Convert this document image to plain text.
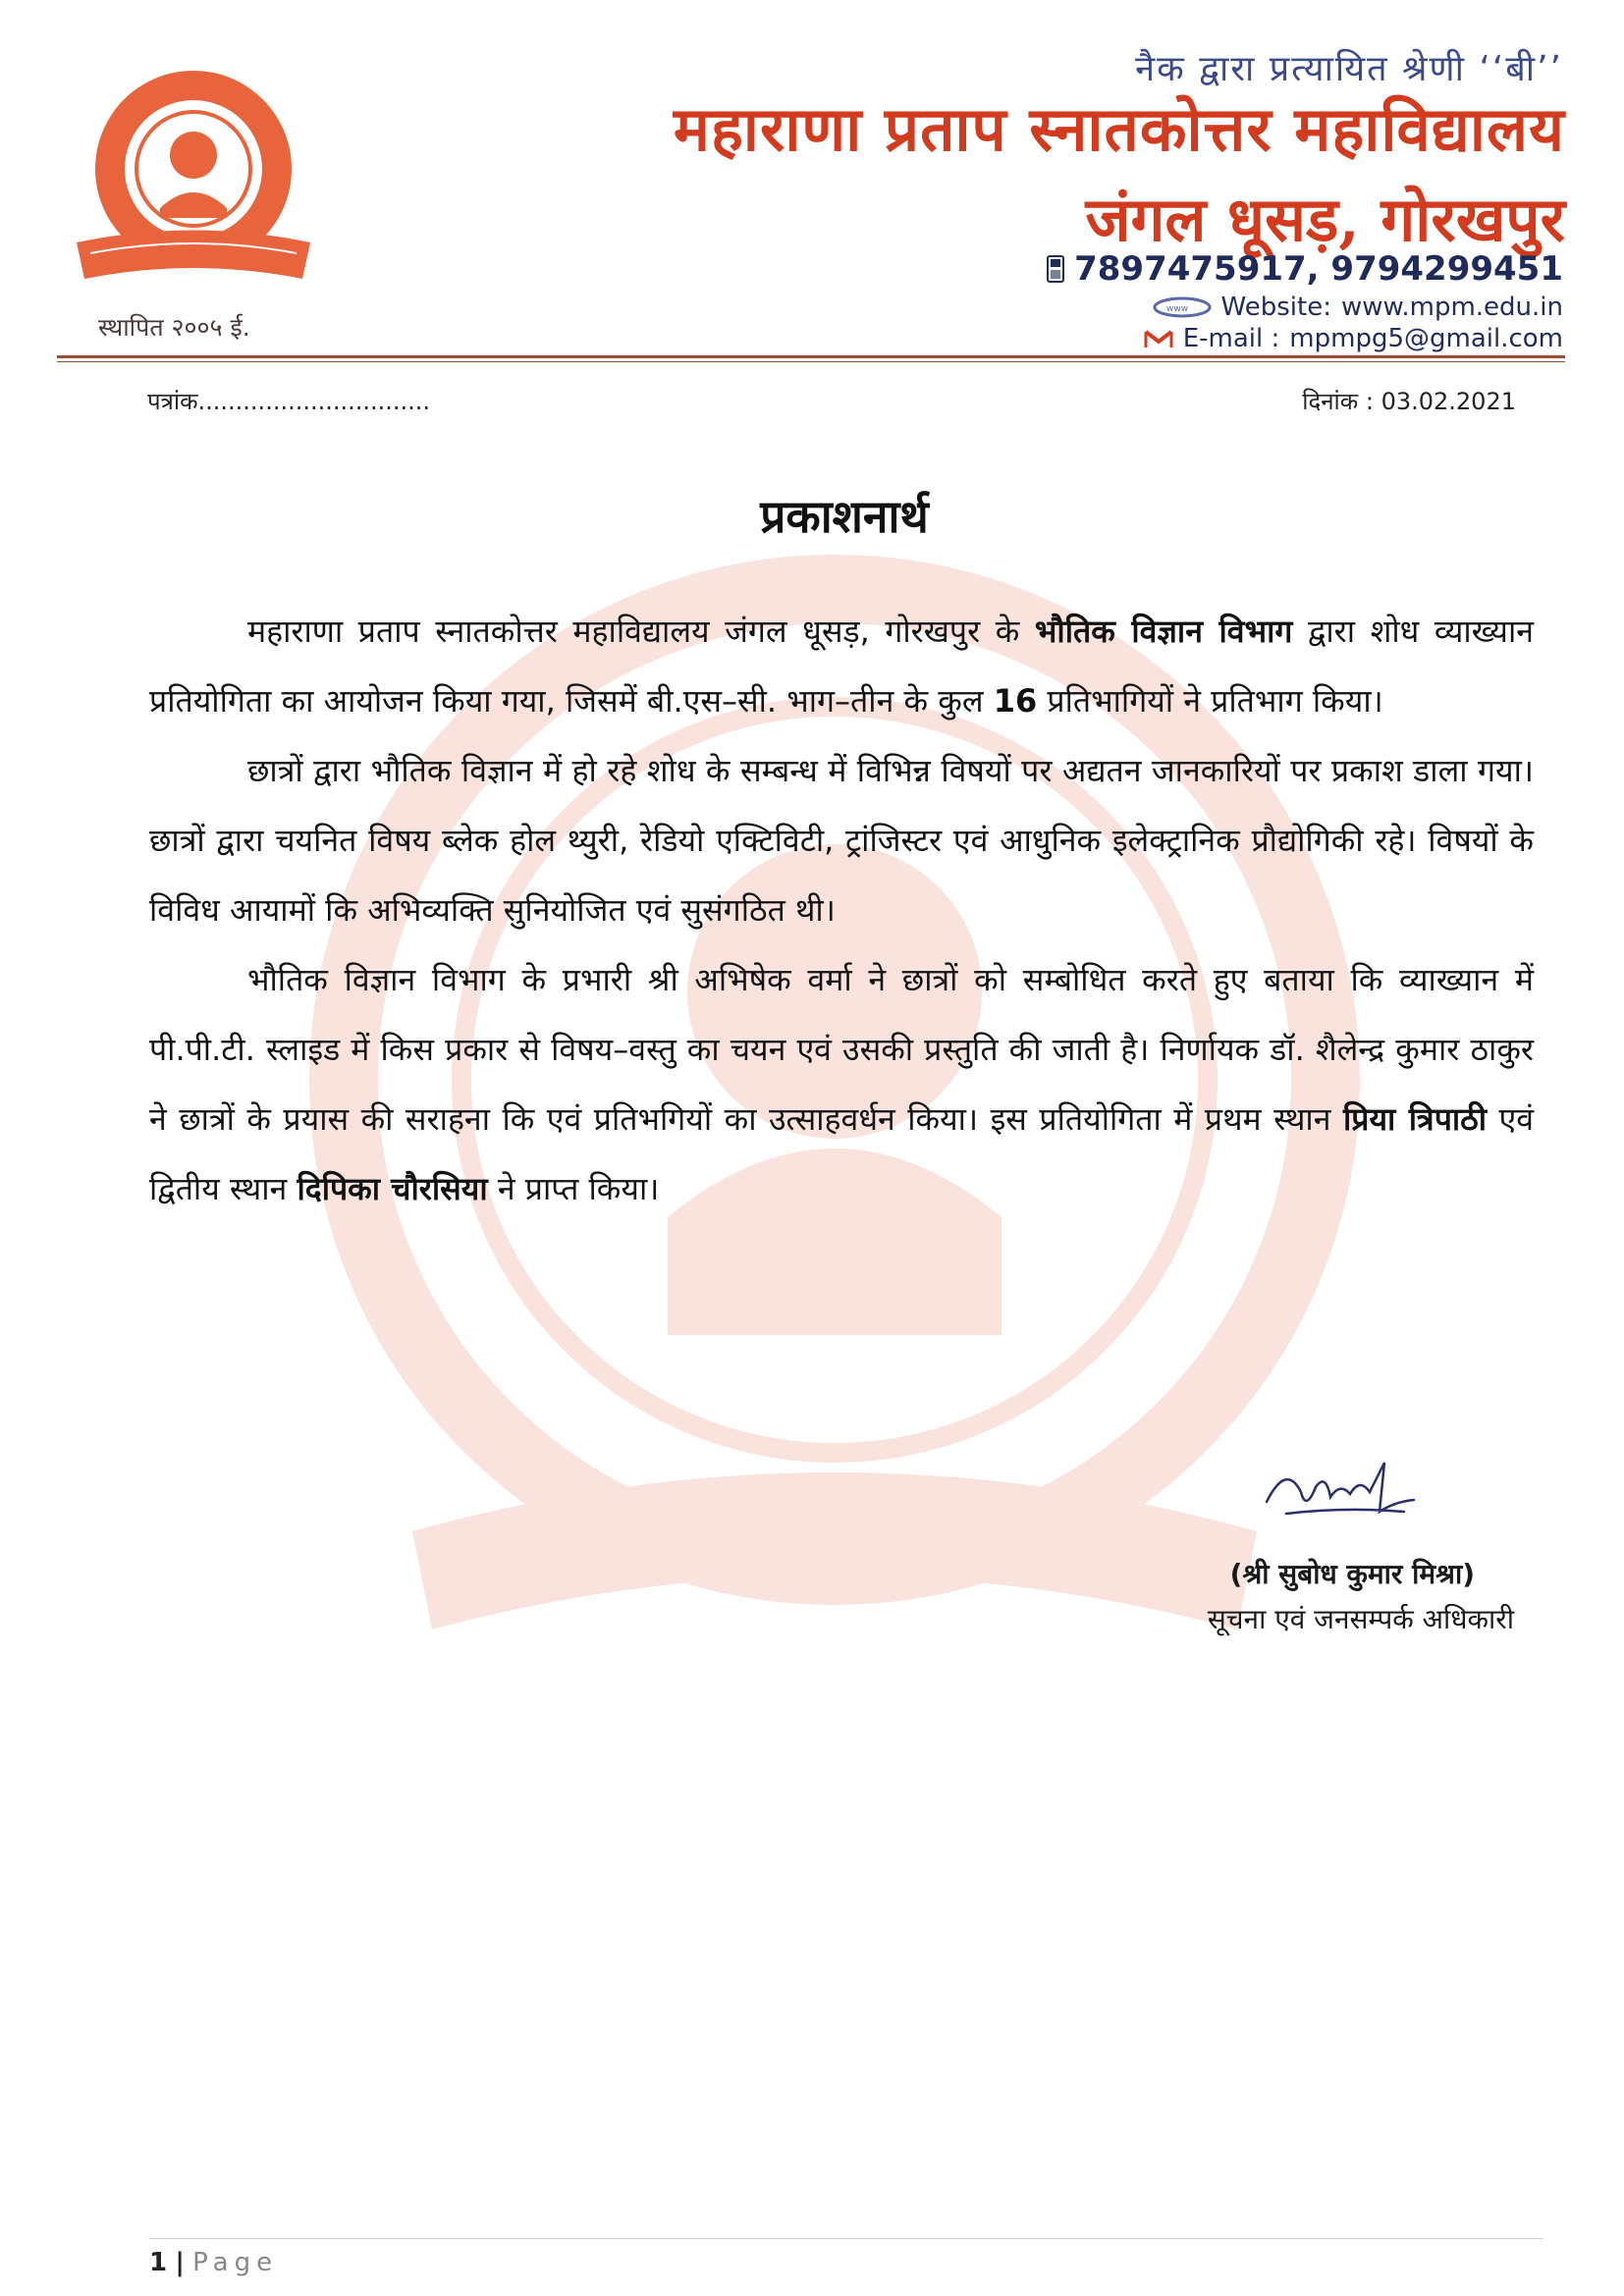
स्थापित २००५ ई.
नैक द्वारा प्रत्यायित श्रेणी ‘‘बी’’
महाराणा प्रताप स्नातकोत्तर महाविद्यालय
जंगल धूसड़, गोरखपुर
7897475917, 9794299451
www Website: www.mpm.edu.in
E-mail : mpmpg5@gmail.com
पत्रांक...............................	दिनांक : 03.02.2021
प्रकाशनार्थ

महाराणा प्रताप स्नातकोत्तर महाविद्यालय जंगल धूसड़, गोरखपुर के भौतिक विज्ञान विभाग द्वारा शोध व्याख्यान प्रतियोगिता का आयोजन किया गया, जिसमें बी.एस–सी. भाग–तीन के कुल 16 प्रतिभागियों ने प्रतिभाग किया।

छात्रों द्वारा भौतिक विज्ञान में हो रहे शोध के सम्बन्ध में विभिन्न विषयों पर अद्यतन जानकारियों पर प्रकाश डाला गया। छात्रों द्वारा चयनित विषय ब्लेक होल थ्युरी, रेडियो एक्टिविटी, ट्रांजिस्टर एवं आधुनिक इलेक्ट्रानिक प्रौद्योगिकी रहे। विषयों के विविध आयामों कि अभिव्यक्ति सुनियोजित एवं सुसंगठित थी।

भौतिक विज्ञान विभाग के प्रभारी श्री अभिषेक वर्मा ने छात्रों को सम्बोधित करते हुए बताया कि व्याख्यान में पी.पी.टी. स्लाइड में किस प्रकार से विषय–वस्तु का चयन एवं उसकी प्रस्तुति की जाती है। निर्णायक डॉ. शैलेन्द्र कुमार ठाकुर ने छात्रों के प्रयास की सराहना कि एवं प्रतिभगियों का उत्साहवर्धन किया। इस प्रतियोगिता में प्रथम स्थान प्रिया त्रिपाठी एवं द्वितीय स्थान दिपिका चौरसिया ने प्राप्त किया।

(श्री सुबोध कुमार मिश्रा)
सूचना एवं जनसम्पर्क अधिकारी
1 | Page
